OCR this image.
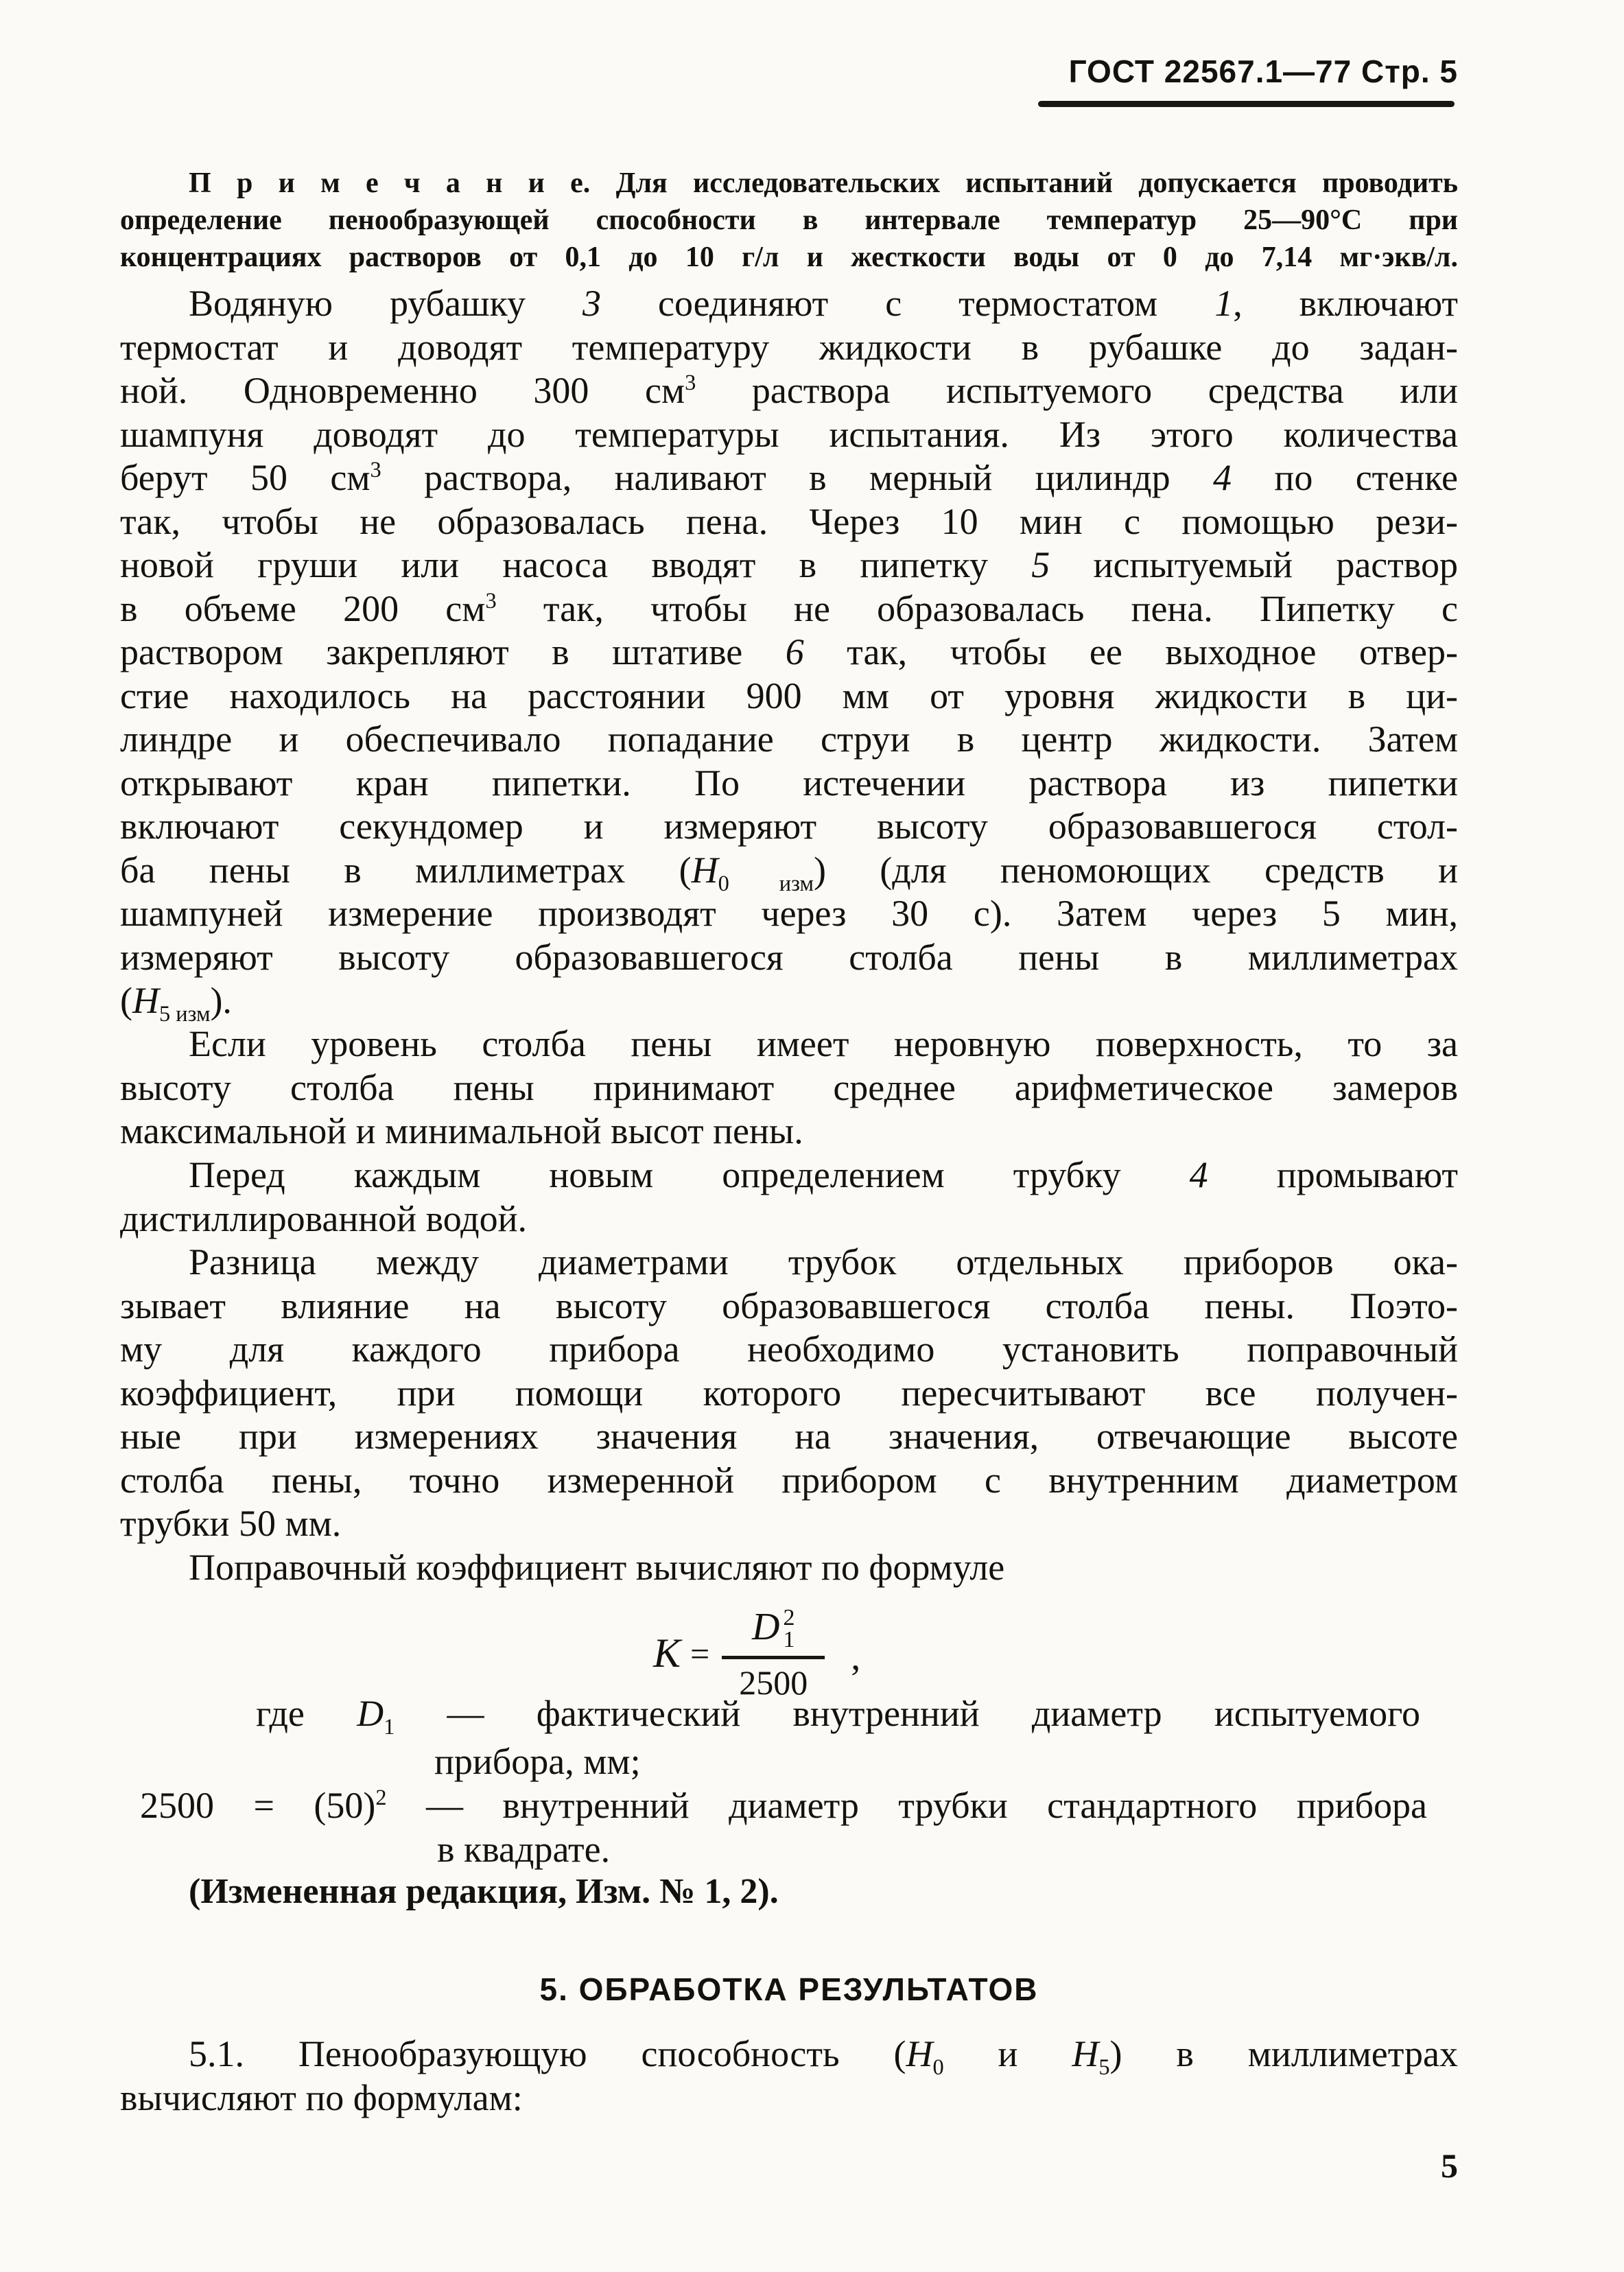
ГОСТ 22567.1—77 Стр. 5
П р и м е ч а н и е. Для исследовательских испытаний допускается проводить
определение пенообразующей способности в интервале температур 25—90°С при
концентрациях растворов от 0,1 до 10 г/л и жесткости воды от 0 до 7,14 мг·экв/л.
Водяную рубашку 3 соединяют с термостатом 1, включают
термостат и доводят температуру жидкости в рубашке до задан-
ной. Одновременно 300 $см^3$ раствора испытуемого средства или
шампуня доводят до температуры испытания. Из этого количества
берут 50 $см^3$ раствора, наливают в мерный цилиндр 4 по стенке
так, чтобы не образовалась пена. Через 10 мин с помощью рези-
новой груши или насоса вводят в пипетку 5 испытуемый раствор
в объеме 200 $см^3$ так, чтобы не образовалась пена. Пипетку с
раствором закрепляют в штативе 6 так, чтобы ее выходное отвер-
стие находилось на расстоянии 900 мм от уровня жидкости в ци-
линдре и обеспечивало попадание струи в центр жидкости. Затем
открывают кран пипетки. По истечении раствора из пипетки
включают секундомер и измеряют высоту образовавшегося стол-
ба пены в миллиметрах $(Н_{0 изм})$ (для пеномоющих средств и
шампуней измерение производят через 30 с). Затем через 5 мин,
измеряют высоту образовавшегося столба пены в миллиметрах
$(Н_{5 изм})$.
Если уровень столба пены имеет неровную поверхность, то за
высоту столба пены принимают среднее арифметическое замеров
максимальной и минимальной высот пены.
Перед каждым новым определением трубку 4 промывают
дистиллированной водой.
Разница между диаметрами трубок отдельных приборов ока-
зывает влияние на высоту образовавшегося столба пены. Поэто-
му для каждого прибора необходимо установить поправочный
коэффициент, при помощи которого пересчитывают все получен-
ные при измерениях значения на значения, отвечающие высоте
столба пены, точно измеренной прибором с внутренним диаметром
трубки 50 мм.
Поправочный коэффициент вычисляют по формуле
где $D_1$ — фактический внутренний диаметр испытуемого
прибора, мм;
$2500 = (50)^2$ — внутренний диаметр трубки стандартного прибора
в квадрате.
(Измененная редакция, Изм. № 1, 2).
5. ОБРАБОТКА РЕЗУЛЬТАТОВ
5.1. Пенообразующую способность ($Н_0$ и $Н_5$) в миллиметрах
вычисляют по формулам:
K =
D 2
1
2500
,
5
